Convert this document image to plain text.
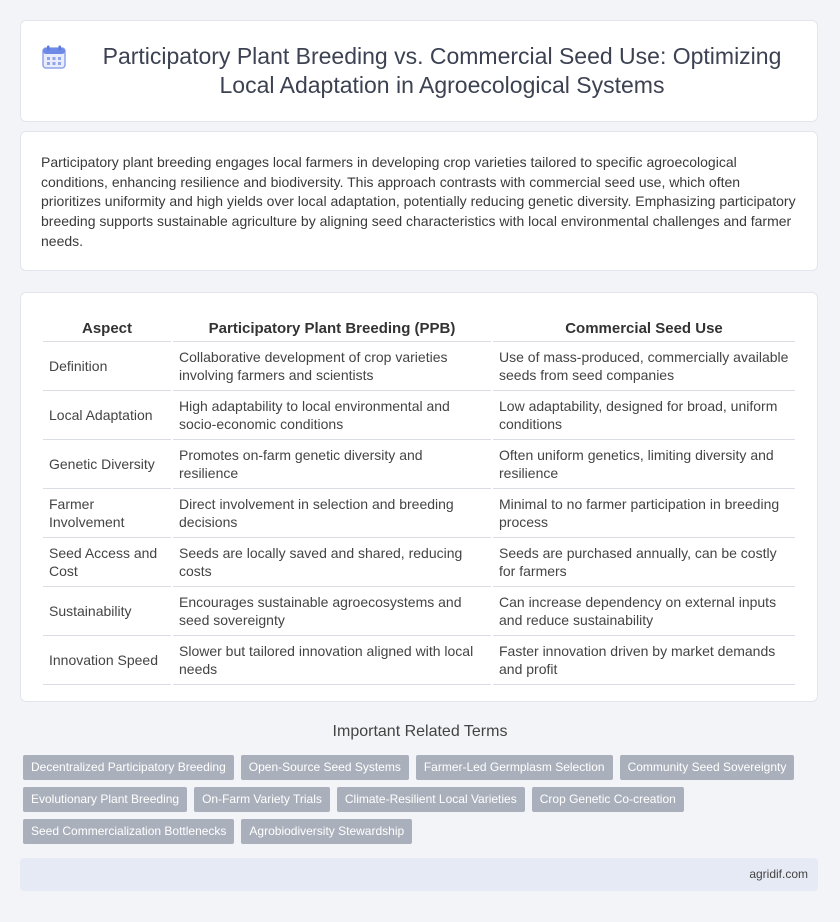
Participatory Plant Breeding vs. Commercial Seed Use: Optimizing Local Adaptation in Agroecological Systems

Participatory plant breeding engages local farmers in developing crop varieties tailored to specific agroecological conditions, enhancing resilience and biodiversity. This approach contrasts with commercial seed use, which often prioritizes uniformity and high yields over local adaptation, potentially reducing genetic diversity. Emphasizing participatory breeding supports sustainable agriculture by aligning seed characteristics with local environmental challenges and farmer needs.

Aspect	Participatory Plant Breeding (PPB)	Commercial Seed Use
Definition	Collaborative development of crop varieties involving farmers and scientists	Use of mass-produced, commercially available seeds from seed companies
Local Adaptation	High adaptability to local environmental and socio-economic conditions	Low adaptability, designed for broad, uniform conditions
Genetic Diversity	Promotes on-farm genetic diversity and resilience	Often uniform genetics, limiting diversity and resilience
Farmer Involvement	Direct involvement in selection and breeding decisions	Minimal to no farmer participation in breeding process
Seed Access and Cost	Seeds are locally saved and shared, reducing costs	Seeds are purchased annually, can be costly for farmers
Sustainability	Encourages sustainable agroecosystems and seed sovereignty	Can increase dependency on external inputs and reduce sustainability
Innovation Speed	Slower but tailored innovation aligned with local needs	Faster innovation driven by market demands and profit
Important Related Terms
Decentralized Participatory Breeding	Open-Source Seed Systems	Farmer-Led Germplasm Selection	Community Seed Sovereignty
Evolutionary Plant Breeding	On-Farm Variety Trials	Climate-Resilient Local Varieties	Crop Genetic Co-creation
Seed Commercialization Bottlenecks	Agrobiodiversity Stewardship
agridif.com
